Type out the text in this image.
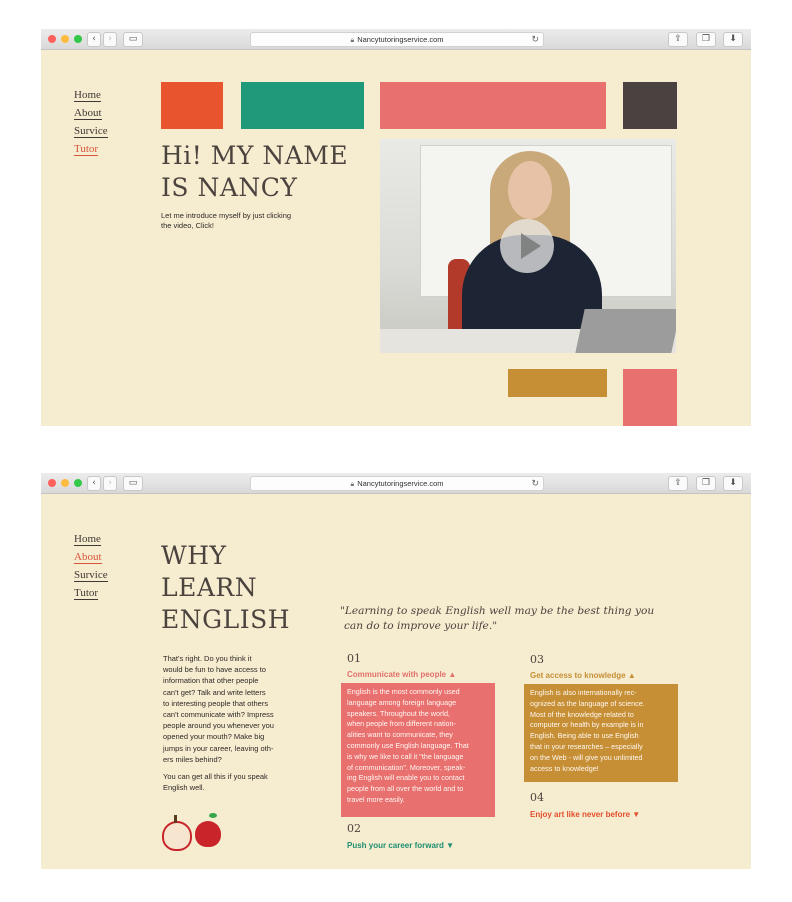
‹	›	▭	🔒︎ Nancytutoringservice.com	↻	⇪	❐	⬇
Home
About
Survice
Tutor	Hi! MY NAME
IS NANCY
Let me introduce myself by just clicking
the video, Click!
‹	›	▭	🔒︎ Nancytutoringservice.com	↻	⇪	❐	⬇
Home
About
Survice
Tutor
WHY
LEARN
ENGLISH
That's right. Do you think it
would be fun to have access to
information that other people
can't get? Talk and write letters
to interesting people that others
can't communicate with? Impress
people around you whenever you
opened your mouth? Make big
jumps in your career, leaving oth-
ers miles behind?
You can get all this if you speak
English well.
"Learning to speak English well may be the best thing you
can do to improve your life."
01
Communicate with people ▲
English is the most commonly used
language among foreign language
speakers. Throughout the world,
when people from different nation-
alities want to communicate, they
commonly use English language. That
is why we like to call it "the language
of communication". Moreover, speak-
ing English will enable you to contact
people from all over the world and to
travel more easily.
02
Push your career forward ▼
03
Get access to knowledge ▲
English is also internationally rec-
ognized as the language of science.
Most of the knowledge related to
computer or health by example is in
English. Being able to use English
that in your researches – especially
on the Web - will give you unlimited
access to knowledge!
04
Enjoy art like never before ▼
